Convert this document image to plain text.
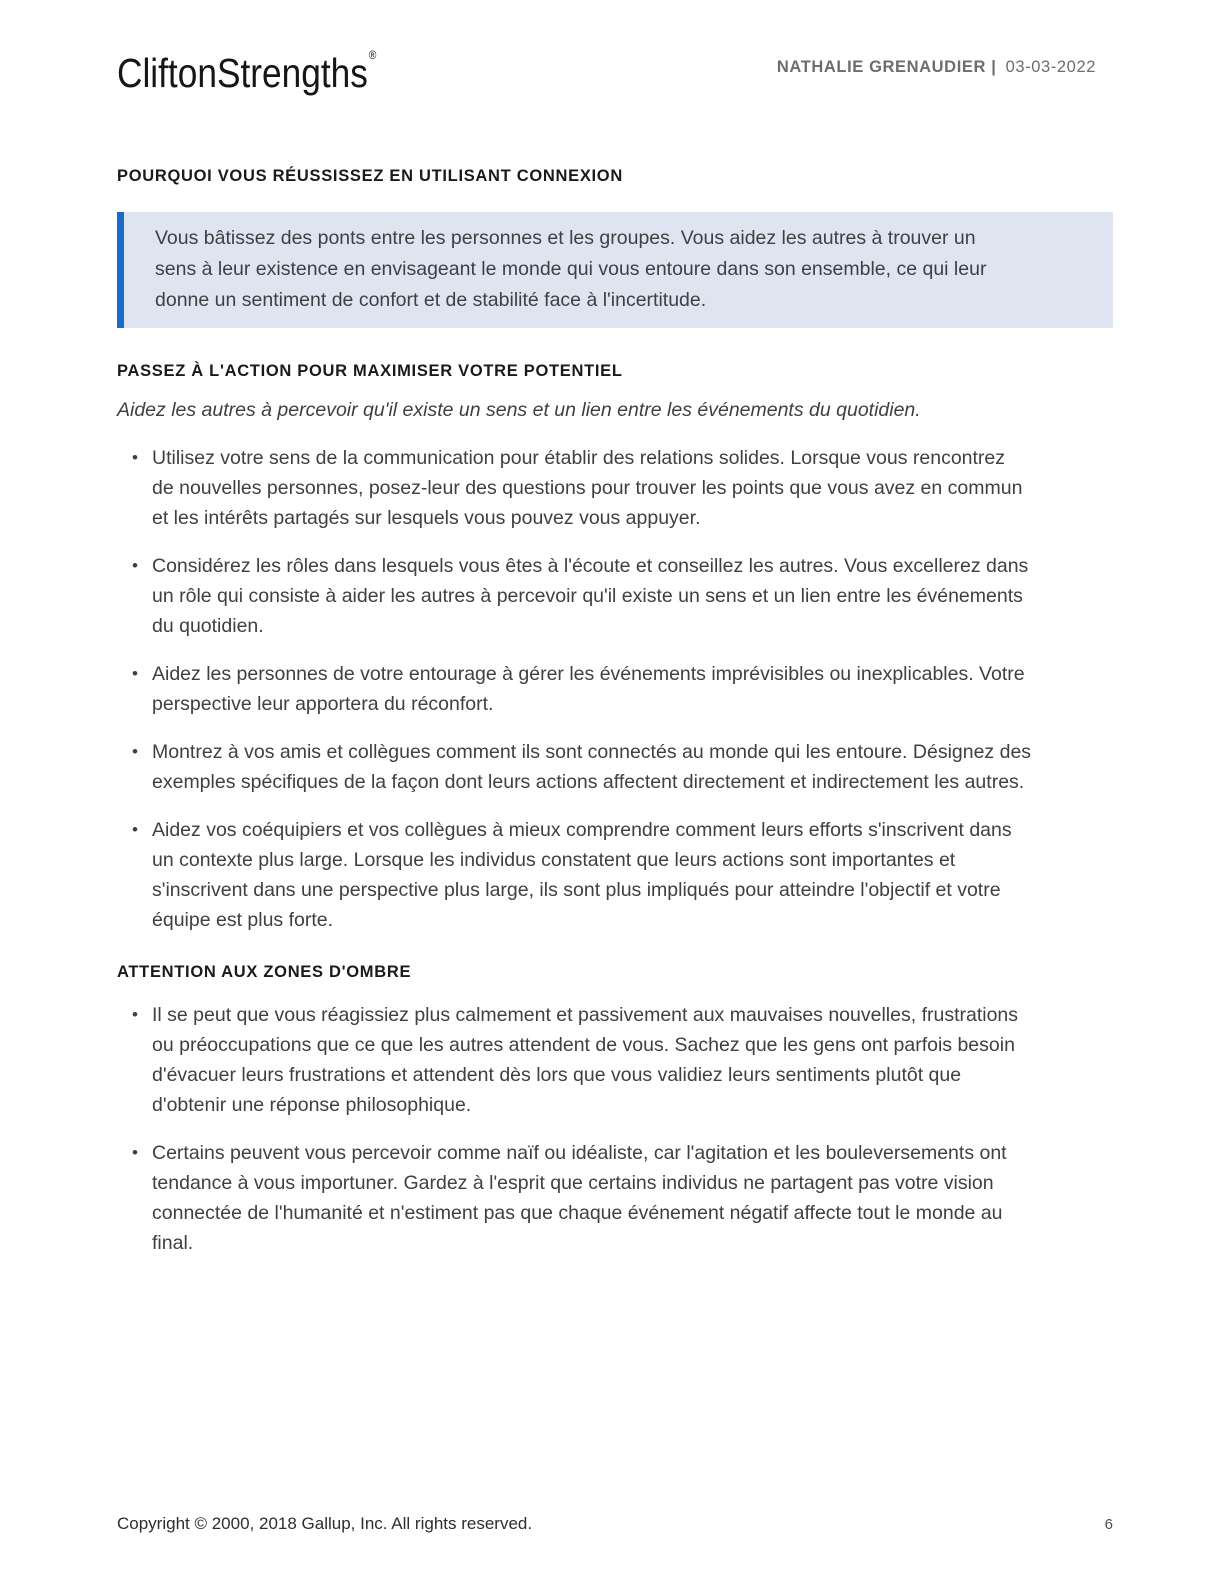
CliftonStrengths®
NATHALIE GRENAUDIER | 03-03-2022
POURQUOI VOUS RÉUSSISSEZ EN UTILISANT CONNEXION

Vous bâtissez des ponts entre les personnes et les groupes. Vous aidez les autres à trouver un sens à leur existence en envisageant le monde qui vous entoure dans son ensemble, ce qui leur donne un sentiment de confort et de stabilité face à l'incertitude.

PASSEZ À L'ACTION POUR MAXIMISER VOTRE POTENTIEL

Aidez les autres à percevoir qu'il existe un sens et un lien entre les événements du quotidien.

• Utilisez votre sens de la communication pour établir des relations solides. Lorsque vous rencontrez de nouvelles personnes, posez-leur des questions pour trouver les points que vous avez en commun et les intérêts partagés sur lesquels vous pouvez vous appuyer.
• Considérez les rôles dans lesquels vous êtes à l'écoute et conseillez les autres. Vous excellerez dans un rôle qui consiste à aider les autres à percevoir qu'il existe un sens et un lien entre les événements du quotidien.
• Aidez les personnes de votre entourage à gérer les événements imprévisibles ou inexplicables. Votre perspective leur apportera du réconfort.
• Montrez à vos amis et collègues comment ils sont connectés au monde qui les entoure. Désignez des exemples spécifiques de la façon dont leurs actions affectent directement et indirectement les autres.
• Aidez vos coéquipiers et vos collègues à mieux comprendre comment leurs efforts s'inscrivent dans un contexte plus large. Lorsque les individus constatent que leurs actions sont importantes et s'inscrivent dans une perspective plus large, ils sont plus impliqués pour atteindre l'objectif et votre équipe est plus forte.
ATTENTION AUX ZONES D'OMBRE
• Il se peut que vous réagissiez plus calmement et passivement aux mauvaises nouvelles, frustrations ou préoccupations que ce que les autres attendent de vous. Sachez que les gens ont parfois besoin d'évacuer leurs frustrations et attendent dès lors que vous validiez leurs sentiments plutôt que d'obtenir une réponse philosophique.
• Certains peuvent vous percevoir comme naïf ou idéaliste, car l'agitation et les bouleversements ont tendance à vous importuner. Gardez à l'esprit que certains individus ne partagent pas votre vision connectée de l'humanité et n'estiment pas que chaque événement négatif affecte tout le monde au final.
Copyright © 2000, 2018 Gallup, Inc. All rights reserved.	6
